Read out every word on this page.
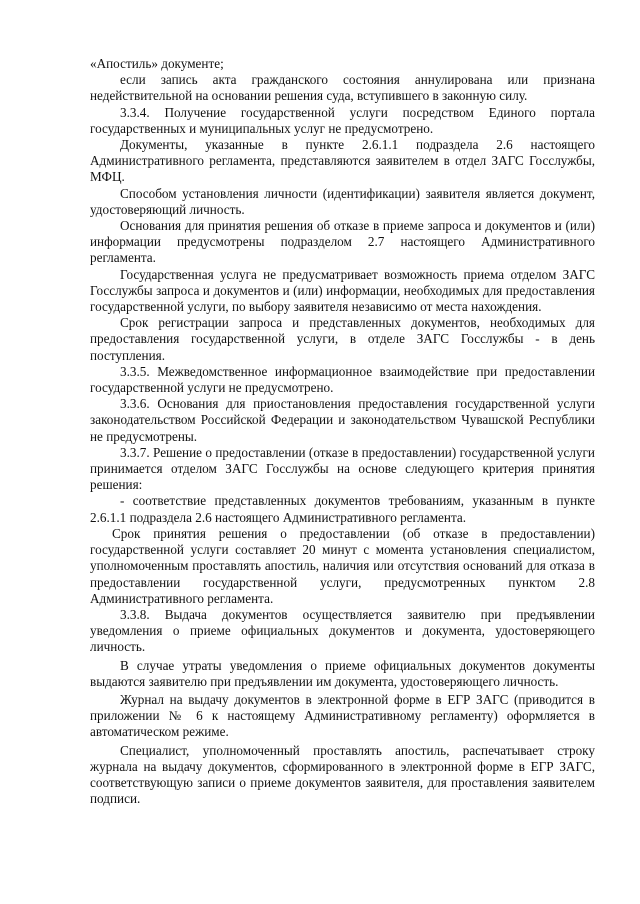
«Апостиль» документе;

если запись акта гражданского состояния аннулирована или признана недействительной на основании решения суда, вступившего в законную силу.

3.3.4. Получение государственной услуги посредством Единого портала государственных и муниципальных услуг не предусмотрено.

Документы, указанные в пункте 2.6.1.1 подраздела 2.6 настоящего Административного регламента, представляются заявителем в отдел ЗАГС Госслужбы, МФЦ.

Способом установления личности (идентификации) заявителя является документ, удостоверяющий личность.

Основания для принятия решения об отказе в приеме запроса и документов и (или) информации предусмотрены подразделом 2.7 настоящего Административного регламента.

Государственная услуга не предусматривает возможность приема отделом ЗАГС Госслужбы запроса и документов и (или) информации, необходимых для предоставления государственной услуги, по выбору заявителя независимо от места нахождения.

Срок регистрации запроса и представленных документов, необходимых для предоставления государственной услуги, в отделе ЗАГС Госслужбы - в день поступления.

3.3.5. Межведомственное информационное взаимодействие при предоставлении государственной услуги не предусмотрено.

3.3.6. Основания для приостановления предоставления государственной услуги законодательством Российской Федерации и законодательством Чувашской Республики не предусмотрены.

3.3.7. Решение о предоставлении (отказе в предоставлении) государственной услуги принимается отделом ЗАГС Госслужбы на основе следующего критерия принятия решения:

- соответствие представленных документов требованиям, указанным в пункте 2.6.1.1 подраздела 2.6 настоящего Административного регламента.

Срок принятия решения о предоставлении (об отказе в предоставлении) государственной услуги составляет 20 минут с момента установления специалистом, уполномоченным проставлять апостиль, наличия или отсутствия оснований для отказа в предоставлении государственной услуги, предусмотренных пунктом 2.8 Административного регламента.

3.3.8. Выдача документов осуществляется заявителю при предъявлении уведомления о приеме официальных документов и документа, удостоверяющего личность.

В случае утраты уведомления о приеме официальных документов документы выдаются заявителю при предъявлении им документа, удостоверяющего личность.

Журнал на выдачу документов в электронной форме в ЕГР ЗАГС (приводится в приложении № 6 к настоящему Административному регламенту) оформляется в автоматическом режиме.

Специалист, уполномоченный проставлять апостиль, распечатывает строку журнала на выдачу документов, сформированного в электронной форме в ЕГР ЗАГС, соответствующую записи о приеме документов заявителя, для проставления заявителем подписи.
